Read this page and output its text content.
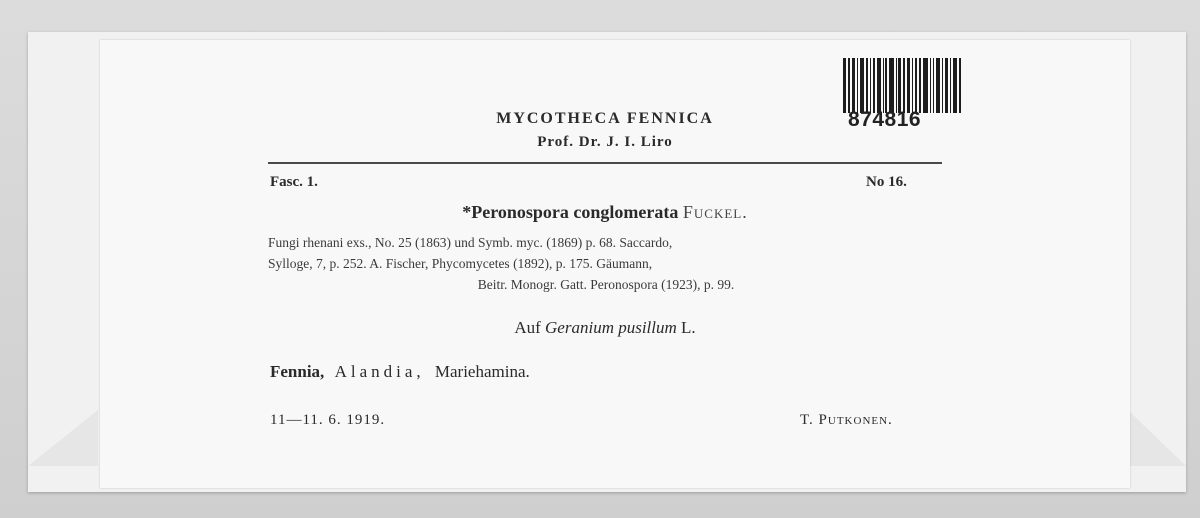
874816
MYCOTHECA FENNICA
Prof. Dr. J. I. Liro
Fasc. 1.	No 16.
*Peronospora conglomerata Fuckel.
Fungi rhenani exs., No. 25 (1863) und Symb. myc. (1869) p. 68. Saccardo,
Sylloge, 7, p. 252. A. Fischer, Phycomycetes (1892), p. 175. Gäumann,
Beitr. Monogr. Gatt. Peronospora (1923), p. 99.
Auf Geranium pusillum L.
Fennia, Alandia, Mariehamina.
11—11. 6. 1919.	T. Putkonen.
